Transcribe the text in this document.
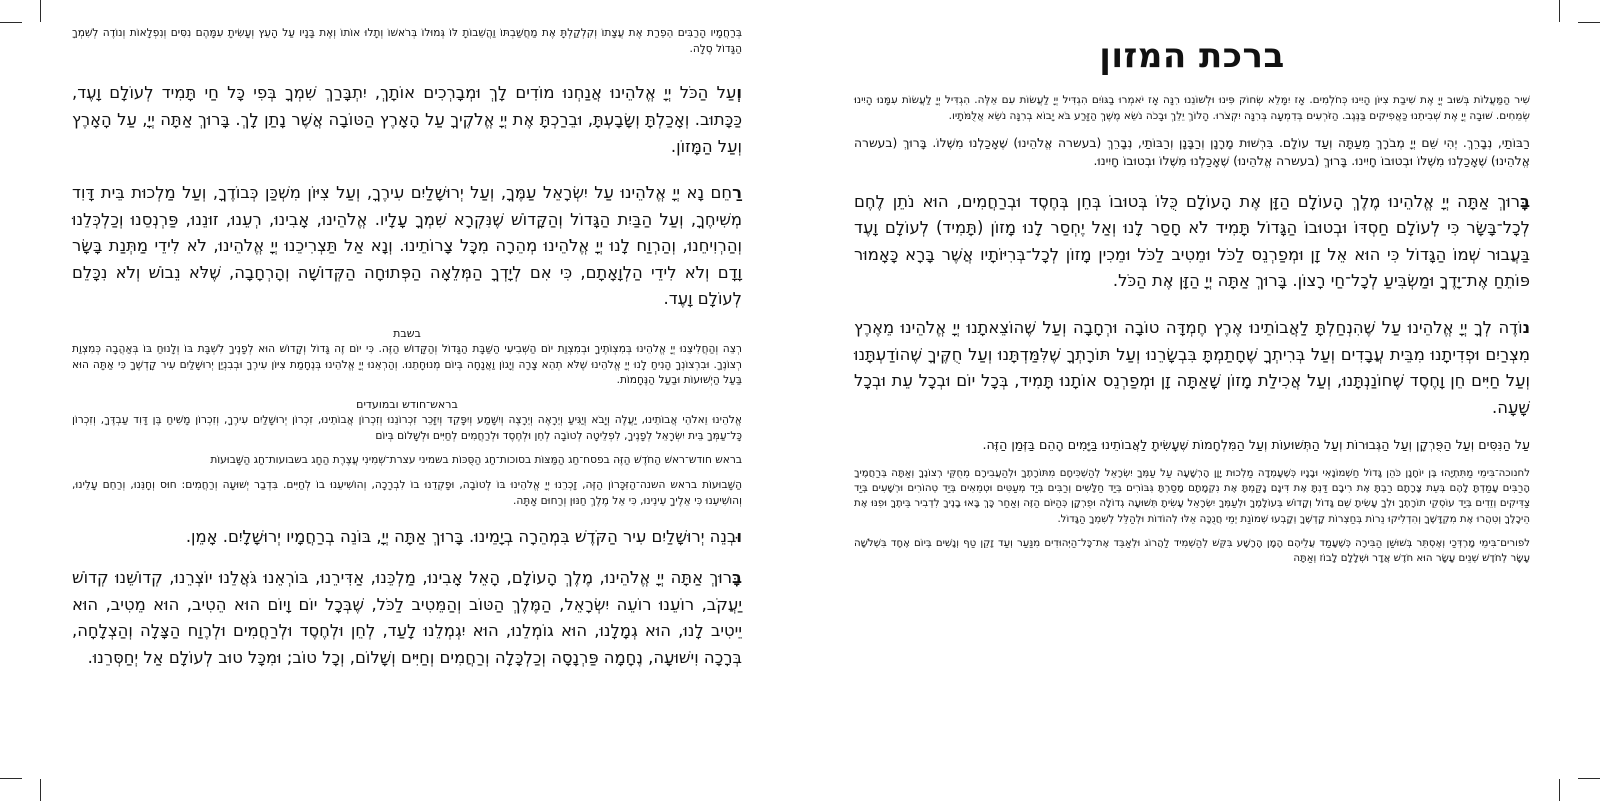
ברכת המזון

שִׁיר הַמַּעֲלוֹת בְּשׁוּב יְיָ אֶת שִׁיבַת צִיּוֹן הָיִינוּ כְּחֹלְמִים. אָז יִמָּלֵא שְׂחוֹק פִּינוּ וּלְשׁוֹנֵנוּ רִנָּה אָז יֹאמְרוּ בַגּוֹיִם הִגְדִּיל יְיָ לַעֲשׂוֹת עִם אֵלֶּה. הִגְדִּיל יְיָ לַעֲשׂוֹת עִמָּנוּ הָיִינוּ שְׂמֵחִים. שׁוּבָה יְיָ אֶת שְׁבִיתֵנוּ כַּאֲפִיקִים בַּנֶּגֶב. הַזֹּרְעִים בְּדִמְעָה בְּרִנָּה יִקְצֹרוּ. הָלוֹךְ יֵלֵךְ וּבָכֹה נֹשֵׂא מֶשֶׁךְ הַזָּרַע בֹּא יָבוֹא בְרִנָּה נֹשֵׂא אֲלֻמֹּתָיו.

רַבּוֹתַי, נְבָרֵךְ. יְהִי שֵׁם יְיָ מְבֹרָךְ מֵעַתָּה וְעַד עוֹלָם. בִּרְשׁוּת מָרָנָן וְרַבָּנָן וְרַבּוֹתַי, נְבָרֵךְ (בעשרה אֱלֹהֵינוּ) שֶׁאָכַלְנוּ מִשֶּׁלוֹ. בָּרוּךְ (בעשרה אֱלֹהֵינוּ) שֶׁאָכַלְנוּ מִשֶּׁלוֹ וּבְטוּבוֹ חָיִינוּ. בָּרוּךְ (בעשרה אֱלֹהֵינוּ) שֶׁאָכַלְנוּ מִשֶּׁלוֹ וּבְטוּבוֹ חָיִינוּ.

בָּרוּךְ אַתָּה יְיָ אֱלֹהֵינוּ מֶלֶךְ הָעוֹלָם הַזָּן אֶת הָעוֹלָם כֻּלּוֹ בְּטוּבוֹ בְּחֵן בְּחֶסֶד וּבְרַחֲמִים, הוּא נֹתֵן לֶחֶם לְכָל־בָּשָׂר כִּי לְעוֹלָם חַסְדּוֹ וּבְטוּבוֹ הַגָּדוֹל תָּמִיד לֹא חָסַר לָנוּ וְאַל יֶחְסַר לָנוּ מָזוֹן (תָּמִיד) לְעוֹלָם וָעֶד בַּעֲבוּר שְׁמוֹ הַגָּדוֹל כִּי הוּא אֵל זָן וּמְפַרְנֵס לַכֹּל וּמֵטִיב לַכֹּל וּמֵכִין מָזוֹן לְכָל־בְּרִיּוֹתָיו אֲשֶׁר בָּרָא כָּאָמוּר פּוֹתֵחַ אֶת־יָדֶךָ וּמַשְׂבִּיעַ לְכָל־חַי רָצוֹן. בָּרוּךְ אַתָּה יְיָ הַזָּן אֶת הַכֹּל.

נוֹדֶה לְךָ יְיָ אֱלֹהֵינוּ עַל שֶׁהִנְחַלְתָּ לַאֲבוֹתֵינוּ אֶרֶץ חֶמְדָּה טוֹבָה וּרְחָבָה וְעַל שֶׁהוֹצֵאתָנוּ יְיָ אֱלֹהֵינוּ מֵאֶרֶץ מִצְרַיִם וּפְדִיתָנוּ מִבֵּית עֲבָדִים וְעַל בְּרִיתְךָ שֶׁחָתַמְתָּ בִּבְשָׂרֵנוּ וְעַל תּוֹרָתְךָ שֶׁלִּמַּדְתָּנוּ וְעַל חֻקֶּיךָ שֶׁהוֹדַעְתָּנוּ וְעַל חַיִּים חֵן וָחֶסֶד שֶׁחוֹנַנְתָּנוּ, וְעַל אֲכִילַת מָזוֹן שָׁאַתָּה זָן וּמְפַרְנֵס אוֹתָנוּ תָּמִיד, בְּכָל יוֹם וּבְכָל עֵת וּבְכָל שָׁעָה.

עַל הַנִּסִּים וְעַל הַפֻּרְקָן וְעַל הַגְּבוּרוֹת וְעַל הַתְּשׁוּעוֹת וְעַל הַמִּלְחָמוֹת שֶׁעָשִׂיתָ לַאֲבוֹתֵינוּ בַּיָּמִים הָהֵם בַּזְּמַן הַזֶּה.

לחנוכה־בִּימֵי מַתִּתְיָהוּ בֶּן יוֹחָנָן כֹּהֵן גָּדוֹל חַשְׁמוֹנָאִי וּבָנָיו כְּשֶׁעָמְדָה מַלְכוּת יָוָן הָרְשָׁעָה עַל עַמְּךָ יִשְׂרָאֵל לְהַשְׁכִּיחָם מִתּוֹרָתֶךָ וּלְהַעֲבִירָם מֵחֻקֵּי רְצוֹנֶךָ וְאַתָּה בְּרַחֲמֶיךָ הָרַבִּים עָמַדְתָּ לָהֶם בְּעֵת צָרָתָם רַבְתָּ אֶת רִיבָם דַּנְתָּ אֶת דִּינָם נָקַמְתָּ אֶת נִקְמָתָם מָסַרְתָּ גִּבּוֹרִים בְּיַד חַלָּשִׁים וְרַבִּים בְּיַד מְעַטִּים וּטְמֵאִים בְּיַד טְהוֹרִים וּרְשָׁעִים בְּיַד צַדִּיקִים וְזֵדִים בְּיַד עוֹסְקֵי תוֹרָתֶךָ וּלְךָ עָשִׂיתָ שֵׁם גָּדוֹל וְקָדוֹשׁ בְּעוֹלָמֶךָ וּלְעַמְּךָ יִשְׂרָאֵל עָשִׂיתָ תְּשׁוּעָה גְדוֹלָה וּפֻרְקָן כְּהַיּוֹם הַזֶּה וְאַחַר כָּךְ בָּאוּ בָנֶיךָ לִדְבִיר בֵּיתֶךָ וּפִנּוּ אֶת הֵיכָלֶךָ וְטִהֲרוּ אֶת מִקְדָּשֶׁךָ וְהִדְלִיקוּ נֵרוֹת בְּחַצְרוֹת קָדְשֶׁךָ וְקָבְעוּ שְׁמוֹנַת יְמֵי חֲנֻכָּה אֵלּוּ לְהוֹדוֹת וּלְהַלֵּל לְשִׁמְךָ הַגָּדוֹל.

לפורים־בִּימֵי מָרְדְּכַי וְאֶסְתֵּר בְּשׁוּשַׁן הַבִּירָה כְּשֶׁעָמַד עֲלֵיהֶם הָמָן הָרָשָׁע בִּקֵּשׁ לְהַשְׁמִיד לַהֲרוֹג וּלְאַבֵּד אֶת־כָּל־הַיְּהוּדִים מִנַּעַר וְעַד זָקֵן טַף וְנָשִׁים בְּיוֹם אֶחָד בִּשְׁלֹשָׁה עָשָׂר לְחֹדֶשׁ שְׁנֵים עָשָׂר הוּא חֹדֶשׁ אֲדָר וּשְׁלָלָם לָבוֹז וְאַתָּה

בְּרַחֲמָיו הָרַבִּים הֵפֵרַת אֶת עֲצָתוֹ וְקִלְקַלְתָּ אֶת מַחֲשַׁבְתּוֹ וַהֲשֵׁבוֹתָ לּוֹ גְּמוּלוֹ בְּרֹאשׁוֹ וְתָלוּ אוֹתוֹ וְאֶת בָּנָיו עַל הָעֵץ וְעָשִׂיתָ עִמָּהֶם נִסִּים וְנִפְלָאוֹת וְנוֹדֶה לְשִׁמְךָ הַגָּדוֹל סֶלָה.

וְעַל הַכֹּל יְיָ אֱלֹהֵינוּ אֲנַחְנוּ מוֹדִים לָךְ וּמְבָרְכִים אוֹתָךְ, יִתְבָּרַךְ שִׁמְךָ בְּפִי כָּל חַי תָּמִיד לְעוֹלָם וָעֶד, כַּכָּתוּב. וְאָכַלְתָּ וְשָׂבָעְתָּ, וּבֵרַכְתָּ אֶת יְיָ אֱלֹקֶיךָ עַל הָאָרֶץ הַטּוֹבָה אֲשֶׁר נָתַן לָךְ. בָּרוּךְ אַתָּה יְיָ, עַל הָאָרֶץ וְעַל הַמָּזוֹן.

רַחֵם נָא יְיָ אֱלֹהֵינוּ עַל יִשְׂרָאֵל עַמֶּךָ, וְעַל יְרוּשָׁלַיִם עִירֶךָ, וְעַל צִיּוֹן מִשְׁכַּן כְּבוֹדֶךָ, וְעַל מַלְכוּת בֵּית דָּוִד מְשִׁיחֶךָ, וְעַל הַבַּיִת הַגָּדוֹל וְהַקָּדוֹשׁ שֶׁנִּקְרָא שִׁמְךָ עָלָיו. אֱלֹהֵינוּ, אָבִינוּ, רְעֵנוּ, זוּנֵנוּ, פַּרְנְסֵנוּ וְכַלְכְּלֵנוּ וְהַרְוִיחֵנוּ, וְהַרְוַח לָנוּ יְיָ אֱלֹהֵינוּ מְהֵרָה מִכָּל צָרוֹתֵינוּ. וְנָא אַל תַּצְרִיכֵנוּ יְיָ אֱלֹהֵינוּ, לֹא לִידֵי מַתְּנַת בָּשָׂר וָדָם וְלֹא לִידֵי הַלְוָאָתָם, כִּי אִם לְיָדְךָ הַמְּלֵאָה הַפְּתוּחָה הַקְּדוֹשָׁה וְהָרְחָבָה, שֶׁלֹּא נֵבוֹשׁ וְלֹא נִכָּלֵם לְעוֹלָם וָעֶד.

בשבת

רְצֵה וְהַחֲלִיצֵנוּ יְיָ אֱלֹהֵינוּ בְּמִצְוֹתֶיךָ וּבְמִצְוַת יוֹם הַשְּׁבִיעִי הַשַּׁבָּת הַגָּדוֹל וְהַקָּדוֹשׁ הַזֶּה. כִּי יוֹם זֶה גָּדוֹל וְקָדוֹשׁ הוּא לְפָנֶיךָ לִשְׁבָּת בּוֹ וְלָנוּחַ בּוֹ בְּאַהֲבָה כְּמִצְוַת רְצוֹנֶךָ. וּבִרְצוֹנְךָ הָנִיחַ לָנוּ יְיָ אֱלֹהֵינוּ שֶׁלֹּא תְהֵא צָרָה וְיָגוֹן וַאֲנָחָה בְּיוֹם מְנוּחָתֵנוּ. וְהַרְאֵנוּ יְיָ אֱלֹהֵינוּ בְּנֶחָמַת צִיּוֹן עִירֶךָ וּבְבִנְיַן יְרוּשָׁלַיִם עִיר קָדְשֶׁךָ כִּי אַתָּה הוּא בַּעַל הַיְשׁוּעוֹת וּבַעַל הַנֶּחָמוֹת.

בראש־חודש ובמועדים

אֱלֹהֵינוּ וֵאלֹהֵי אֲבוֹתֵינוּ, יַעֲלֶה וְיָבֹא וְיַגִּיעַ וְיֵרָאֶה וְיֵרָצֶה וְיִשָּׁמַע וְיִפָּקֵד וְיִזָּכֵר זִכְרוֹנֵנוּ וְזִכְרוֹן אֲבוֹתֵינוּ, זִכְרוֹן יְרוּשָׁלַיִם עִירֶךָ, וְזִכְרוֹן מָשִׁיחַ בֶּן דָּוִד עַבְדֶּךָ, וְזִכְרוֹן כָּל־עַמְּךָ בֵּית יִשְׂרָאֵל לְפָנֶיךָ, לִפְלֵיטָה לְטוֹבָה לְחֵן וּלְחֶסֶד וּלְרַחֲמִים לְחַיִּים וּלְשָׁלוֹם בְּיוֹם

בראש חודש־ראשׁ הַחֹדֶשׁ הַזֶּה בפסח־חַג הַמַּצּוֹת בסוכות־חַג הַסֻּכּוֹת בשמיני עצרת־שְׁמִינִי עֲצֶרֶת הַחָג בשבועות־חַג הַשָּׁבוּעוֹת

הַשָּׁבוּעוֹת בראש השנה־הַזִּכָּרוֹן הַזֶּה, זָכְרֵנוּ יְיָ אֱלֹהֵינוּ בּוֹ לְטוֹבָה, וּפָקְדֵנוּ בוֹ לִבְרָכָה, וְהוֹשִׁיעֵנוּ בוֹ לְחַיִּים. בִּדְבַר יְשׁוּעָה וְרַחֲמִים: חוּס וְחָנֵּנוּ, וְרַחֵם עָלֵינוּ, וְהוֹשִׁיעֵנוּ כִּי אֵלֶיךָ עֵינֵינוּ, כִּי אֵל מֶלֶךְ חַנּוּן וְרַחוּם אָתָּה.

וּבְנֵה יְרוּשָׁלַיִם עִיר הַקֹּדֶשׁ בִּמְהֵרָה בְיָמֵינוּ. בָּרוּךְ אַתָּה יְיָ, בּוֹנֵה בְרַחֲמָיו יְרוּשָׁלָיִם. אָמֵן.

בָּרוּךְ אַתָּה יְיָ אֱלֹהֵינוּ, מֶלֶךְ הָעוֹלָם, הָאֵל אָבִינוּ, מַלְכֵּנוּ, אַדִּירֵנוּ, בּוֹרְאֵנוּ גֹּאֲלֵנוּ יוֹצְרֵנוּ, קְדוֹשֵׁנוּ קְדוֹשׁ יַעֲקֹב, רוֹעֵנוּ רוֹעֵה יִשְׂרָאֵל, הַמֶּלֶךְ הַטּוֹב וְהַמֵּטִיב לַכֹּל, שֶׁבְּכָל יוֹם וָיוֹם הוּא הֵטִיב, הוּא מֵטִיב, הוּא יֵיטִיב לָנוּ, הוּא גְמָלָנוּ, הוּא גוֹמְלֵנוּ, הוּא יִגְמְלֵנוּ לָעַד, לְחֵן וּלְחֶסֶד וּלְרַחֲמִים וּלְרֶוַח הַצָּלָה וְהַצְלָחָה, בְּרָכָה וִישׁוּעָה, נֶחָמָה פַּרְנָסָה וְכַלְכָּלָה וְרַחֲמִים וְחַיִּים וְשָׁלוֹם, וְכָל טוֹב; וּמִכָּל טוּב לְעוֹלָם אַל יְחַסְּרֵנוּ.
